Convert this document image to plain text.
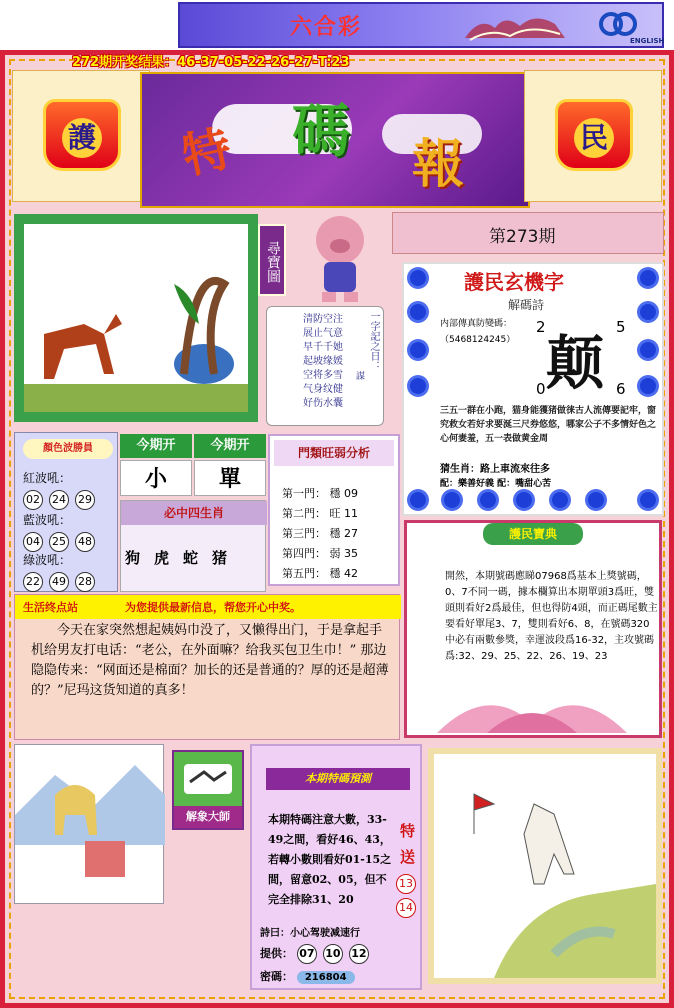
六合彩
ENGLISH
272期开奖结果：46-37-05-22-26-27-T:23
護 特 碼 報	民
第273期
尋寶圖
一字記之日：
謀
清防空注
展止气意
早千千她
起坡缘媛
空将多雪
气身纹健
好伤水囊
護民玄機字
解碼詩
内部傳真防變碼：
（5468124245）
2	5
颠
0	6
三五一群在小跑，猫身能獲猪做徕古人流傳要記牢，窗究救女若好求要涎三尺券悠悠，哪家公子不多情好色之心何妻羞，五一表做黄金周
猜生肖：路上車流來往多
配：樂善好義 配：嘴甜心苦
顏色波勝員
紅波吼：
02 24 29
藍波吼：
04 25 48
綠波吼：
22 49 28
今期开	今期开
小	單
必中四生肖
狗 虎 蛇 猪
門類旺弱分析
第一門： 穩 09
第二門： 旺 11
第三門： 穩 27
第四門： 弱 35
第五門： 穩 42
護民寶典
開然，本期號碼應睇07968爲基本上獎號碼，0、7不同一碼，據本欄算出本期單頭3爲旺，雙頭則看好2爲最佳，但也得防4頭，而正碼尾數主要看好單尾3、7，雙則看好6、8，在號碼320中必有兩數參獎，幸運波段爲16-32，主攻號碼爲:32、29、25、22、26、19、23
生活终点站	为您提供最新信息，帮您开心中奖。
今天在家突然想起姨妈巾没了，又懒得出门，于是拿起手机给男友打电话：“老公，在外面嘛？给我买包卫生巾！” 那边隐隐传来：“网面还是棉面？加长的还是普通的？厚的还是超薄的？”尼玛这货知道的真多！
解象大師
本期特碼預測
本期特碼注意大數，33-49之間，看好46、43，若轉小數則看好01-15之間，留意02、05，但不完全排除31、20
特送
13
14
詩曰：小心驾驶减速行
提供： 07 10 12
密碼： 216804
